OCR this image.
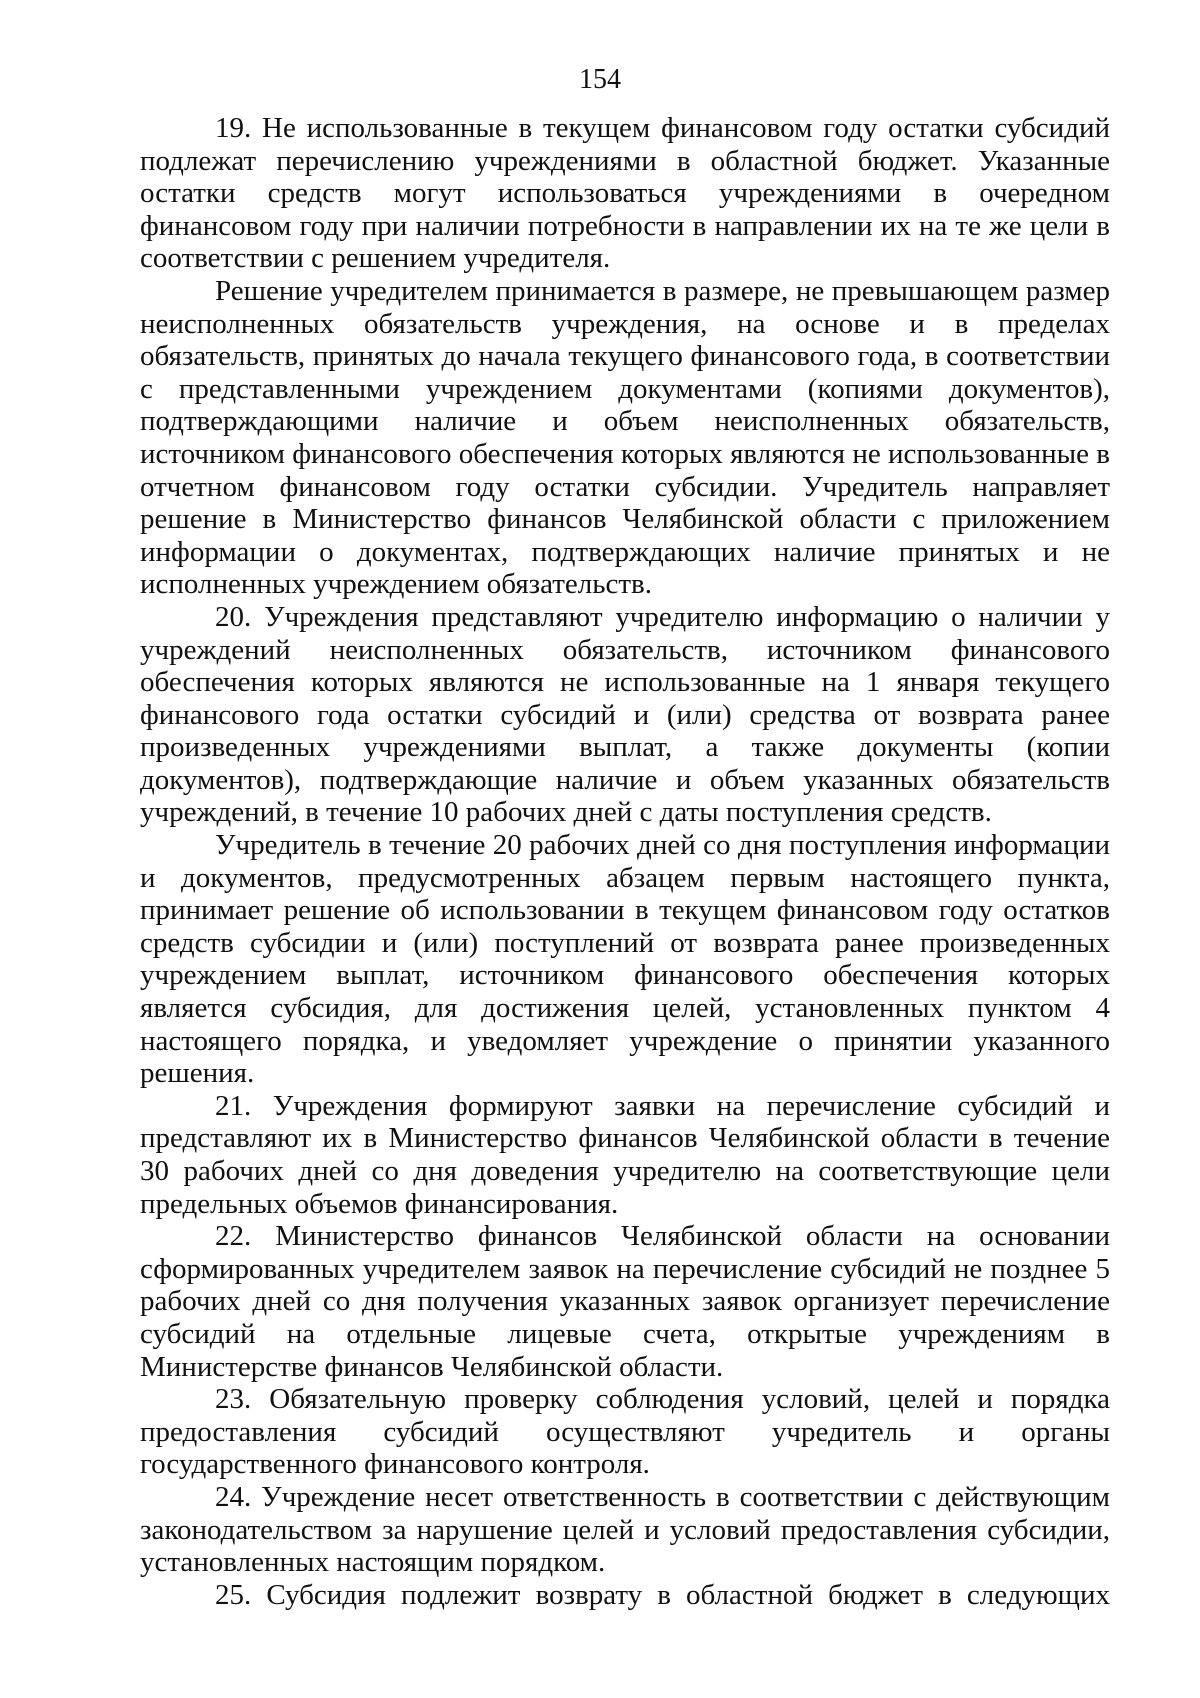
154

19. Не использованные в текущем финансовом году остатки субсидий подлежат перечислению учреждениями в областной бюджет. Указанные остатки средств могут использоваться учреждениями в очередном финансовом году при наличии потребности в направлении их на те же цели в соответствии с решением учредителя.

Решение учредителем принимается в размере, не превышающем размер неисполненных обязательств учреждения, на основе и в пределах обязательств, принятых до начала текущего финансового года, в соответствии с представленными учреждением документами (копиями документов), подтверждающими наличие и объем неисполненных обязательств, источником финансового обеспечения которых являются не использованные в отчетном финансовом году остатки субсидии. Учредитель направляет решение в Министерство финансов Челябинской области с приложением информации о документах, подтверждающих наличие принятых и не исполненных учреждением обязательств.

20. Учреждения представляют учредителю информацию о наличии у учреждений неисполненных обязательств, источником финансового обеспечения которых являются не использованные на 1 января текущего финансового года остатки субсидий и (или) средства от возврата ранее произведенных учреждениями выплат, а также документы (копии документов), подтверждающие наличие и объем указанных обязательств учреждений, в течение 10 рабочих дней с даты поступления средств.

Учредитель в течение 20 рабочих дней со дня поступления информации и документов, предусмотренных абзацем первым настоящего пункта, принимает решение об использовании в текущем финансовом году остатков средств субсидии и (или) поступлений от возврата ранее произведенных учреждением выплат, источником финансового обеспечения которых является субсидия, для достижения целей, установленных пунктом 4 настоящего порядка, и уведомляет учреждение о принятии указанного решения.

21. Учреждения формируют заявки на перечисление субсидий и представляют их в Министерство финансов Челябинской области в течение 30 рабочих дней со дня доведения учредителю на соответствующие цели предельных объемов финансирования.

22. Министерство финансов Челябинской области на основании сформированных учредителем заявок на перечисление субсидий не позднее 5 рабочих дней со дня получения указанных заявок организует перечисление субсидий на отдельные лицевые счета, открытые учреждениям в Министерстве финансов Челябинской области.

23. Обязательную проверку соблюдения условий, целей и порядка предоставления субсидий осуществляют учредитель и органы государственного финансового контроля.

24. Учреждение несет ответственность в соответствии с действующим законодательством за нарушение целей и условий предоставления субсидии, установленных настоящим порядком.

25. Субсидия подлежит возврату в областной бюджет в следующих
